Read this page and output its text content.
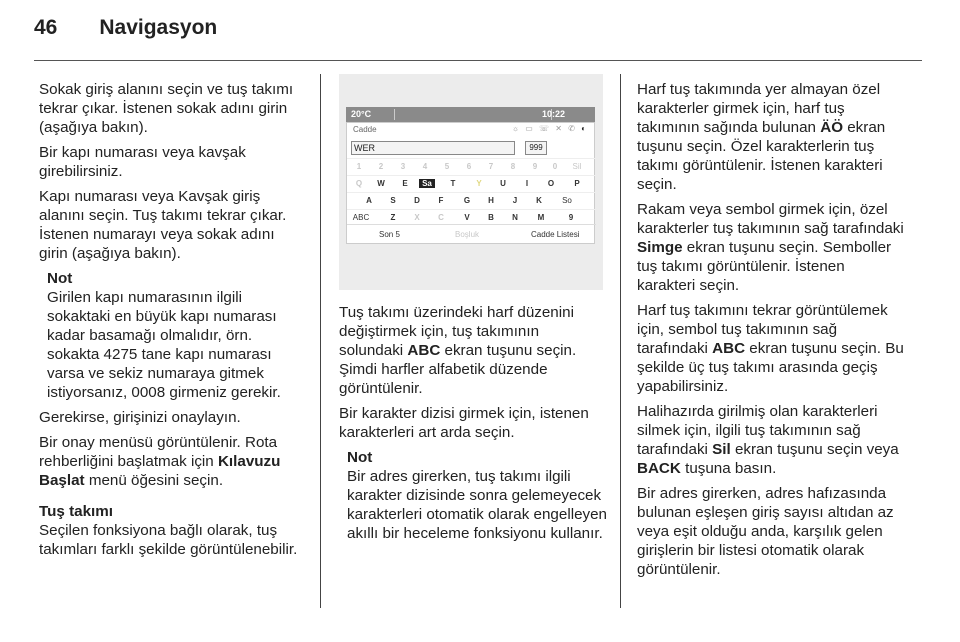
46 Navigasyon

Sokak giriş alanını seçin ve tuş takımı tekrar çıkar. İstenen sokak adını girin (aşağıya bakın).

Bir kapı numarası veya kavşak girebilirsiniz.

Kapı numarası veya Kavşak giriş alanını seçin. Tuş takımı tekrar çıkar. İstenen numarayı veya sokak adını girin (aşağıya bakın).

Not
Girilen kapı numarasının ilgili sokaktaki en büyük kapı numarası kadar basamağı olmalıdır, örn. sokakta 4275 tane kapı numarası varsa ve sekiz numaraya gitmek istiyorsanız, 0008 girmeniz gerekir.

Gerekirse, girişinizi onaylayın.

Bir onay menüsü görüntülenir. Rota rehberliğini başlatmak için Kılavuzu Başlat menü öğesini seçin.

Tuş takımı

Seçilen fonksiyona bağlı olarak, tuş takımları farklı şekilde görüntülenebilir.

20°C	10:22
Cadde	☼ ▭ ☏ ✕ ✆ ◐
WER	999
1	2	3	4	5	6	7	8	9	0	Sil
Q	W	E	Sa	T	Y	U	I	O	P
A	S	D	F	G	H	J	K	So
ABC	Z	X	C	V	B	N	M	9
Son 5	Boşluk	Cadde Listesi

Tuş takımı üzerindeki harf düzenini değiştirmek için, tuş takımının solundaki ABC ekran tuşunu seçin. Şimdi harfler alfabetik düzende görüntülenir.

Bir karakter dizisi girmek için, istenen karakterleri art arda seçin.

Not
Bir adres girerken, tuş takımı ilgili karakter dizisinde sonra gelemeyecek karakterleri otomatik olarak engelleyen akıllı bir heceleme fonksiyonu kullanır.

Harf tuş takımında yer almayan özel karakterler girmek için, harf tuş takımının sağında bulunan ÄÖ ekran tuşunu seçin. Özel karakterlerin tuş takımı görüntülenir. İstenen karakteri seçin.

Rakam veya sembol girmek için, özel karakterler tuş takımının sağ tarafındaki Simge ekran tuşunu seçin. Semboller tuş takımı görüntülenir. İstenen karakteri seçin.

Harf tuş takımını tekrar görüntülemek için, sembol tuş takımının sağ tarafındaki ABC ekran tuşunu seçin. Bu şekilde üç tuş takımı arasında geçiş yapabilirsiniz.

Halihazırda girilmiş olan karakterleri silmek için, ilgili tuş takımının sağ tarafındaki Sil ekran tuşunu seçin veya BACK tuşuna basın.

Bir adres girerken, adres hafızasında bulunan eşleşen giriş sayısı altıdan az veya eşit olduğu anda, karşılık gelen girişlerin bir listesi otomatik olarak görüntülenir.
